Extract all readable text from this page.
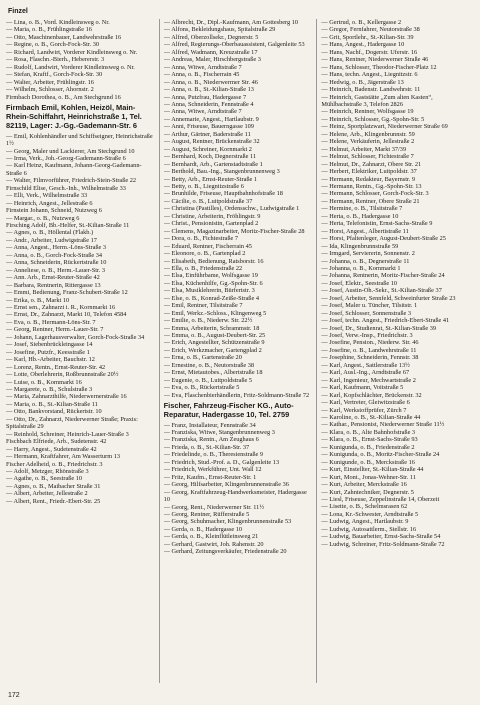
Finzel

— Lina, o. B., Vord. Kindleinsweg o. Nr.

— Maria, o. B., Frühlingstraße 16

— Otto, Maschinenbauer, Landwehrstraße 16

— Regine, o. B., Gorch-Fock-Str. 30

— Richard, Landwirt, Vorderer Kindleinsweg o. Nr.

— Rosa, Flaschn.-Bierh., Hebererstr. 3

— Rudolf, Landwirt, Vorderer Kindleinsweg o. Nr.

— Stefan, Kraftf., Gorch-Fock-Str. 30

— Walter, Arbeiter, Frühlingstr. 16

— Wilhelm, Schlosser, Ahornstr. 2

Firmbach Dorothea, o. B., Am Stechgrund 16

Firmbach Emil, Kohlen, Heizöl, Main-Rhein-Schiffahrt, Heinrichstraße 1, Tel. 82119, Lager: J.-Gg.-Gademann-Str. 6

— Emil, Kohlenhändler und Schiffseigner, Heinrichstraße 1½

— Georg, Maler und Lackierer, Am Stechgrund 10

— Irma, Verk., Joh.-Georg-Gademann-Straße 6

— Karl Heinz, Kaufmann, Johann-Georg-Gademann-Straße 6

— Walter, Filmvorführer, Friedrich-Stein-Straße 22

Firnschild Elise, Gesch.-Inh., Wilhelmstraße 33

— Elli, Verk., Wilhelmstraße 33

— Heinrich, Angest., Jellestraße 6

Firnstein Johann, Schneid, Nutzweg 6

— Margar., o. B., Nutzweg 6

Firsching Adolf, Bb.-Helfer, St.-Kilian-Straße 11

— Agnes, o. B., Höllental (Flakb.)

— Andr., Arbeiter, Ludwigstraße 17

— Anna, Angest., Herm.-Löns-Straße 3

— Anna, o. B., Gorch-Fock-Straße 34

— Anna, Schneiderin, Rückertstraße 10

— Anneliese, o. B., Herm.-Lauer-Str. 3

— Ann. Arb., Ernst-Reuter-Straße 42

— Barbara, Rentnerin, Rittergasse 13

— Emmi, Bedienung, Franz-Schubert-Straße 12

— Erika, o. B., Markt 10

— Ernst sen., Zahnarzt i. R., Kornmarkt 16

— Ernst, Dr., Zahnarzt, Markt 10, Telefon 4584

— Eva, o. B., Hermann-Löns-Str. 7

— Georg, Rentner, Herm.-Lauer-Str. 7

— Johann, Lagerhausverwalter, Gorch-Fock-Straße 34

— Josef, Siebenbrückleingasse 14

— Josefine, Putzfr., Keesstraße 1

— Karl, Hb.-Arbeiter, Bauchstr. 12

— Lorenz, Rentn., Ernst-Reuter-Str. 42

— Lotte, Oberlehrerin, Roßbrunnstraße 20½

— Luise, o. B., Kornmarkt 16

— Margarete, o. B., Schulstraße 3

— Maria, Zahnarzthilfe, Niederwernerstraße 16

— Maria, o. B., St.-Kilian-Straße 11

— Otto, Bankvorstand, Rückertstr. 10

— Otto, Dr., Zahnarzt, Niederwerner Straße; Praxis: Spitalstraße 29

— Reinhold, Schreiner, Heinrich-Lauer-Straße 3

Fischbach Elfriede, Arb., Sudetenstr. 42

— Harry, Angest., Sudetenstraße 42

— Hermann, Kraftfahrer, Am Wasserturm 13

Fischer Adelheid, o. B., Friedrichstr. 3

— Adolf, Metzger, Rhönstraße 3

— Agathe, o. B., Seestraße 10

— Agnes, o. B., Maibacher Straße 31

— Albert, Arbeiter, Jellestraße 2

— Albert, Rent., Friedr.-Ebert-Str. 25

— Albrecht, Dr., Dipl.-Kaufmann, Am Gottesberg 10

— Alfons, Bekleidungshaus, Spitalstraße 29

— Alfred, Oberzollsekr., Degnerstr. 5

— Alfred, Regierungs-Oberbauassistent, Galgenleite 53

— Alfred, Wadmann, Kreuzstraße 17

— Andreas, Maler, Hirschbergstraße 3

— Anna, Witwe, Arndtstraße 7

— Anna, o. B., Fischerrain 45

— Anna, o. B., Niederwerrner Str. 46

— Anna, o. B., St.-Kilian-Straße 13

— Anna, Putzfrau, Hadergasse 7

— Anna, Schneiderin, Fennstraße 4

— Anna, Witwe, Arndtstraße 7

— Annemarie, Angest., Hartlaubstr. 9

— Anni, Friseuse, Bauerngasse 109

— Arthur, Gärtner, Baderstraße 11

— August, Rentner, Brückenstraße 32

— August, Schreiner, Kornmarkt 2

— Bernhard, Koch, Degnerstraße 11

— Bernhardt, Arb., Gartenstadtstraße 1

— Berthold, Bau.-Ing., Stangenbrunnenweg 3

— Betty, Arb., Ernst-Reuter-Straße 1

— Betty, o. B., Liegnitzstraße 6

— Brunhilde, Friseuse, Hauptbahnhofstraße 18

— Cäcilie, o. B., Luitpoldstraße 37

— Christina (Pastilles), Ordensschw., Ludwigstraße 1

— Christine, Arbeiterin, Fröhlingstr. 9

— Christ., Pensionistin, Gartenplad 2

— Clemens, Magazinarbeiter, Moritz-Fischer-Straße 28

— Dora, o. B., Fichtestraße 7

— Eduard, Rentner, Fischerrain 45

— Eleonore, o. B., Gartenplad 2

— Elisabeth, Bedienung, Ratsborstr. 16

— Ella, o. B., Friedenstraße 22

— Elsa, Einführbame, Wolfsgasse 19

— Elsa, Küchenhilfe, Gg.-Spohn-Str. 6

— Elsa, Musiklehrerin, Bürfertstr. 3

— Else, o. B., Konrad-Zeiße-Straße 4

— Emil, Rentner, Tilsitstraße 7

— Emil, Werkz.-Schloss., Klingenweg 5

— Emilie, o. B., Niederw. Str. 22½

— Emma, Arbeiterin, Schrammstr. 18

— Emma, o. B., August-Deubert-Str. 25

— Erich, Angestellter, Schützenstraße 9

— Erich, Werkzmacher, Gartengplad 2

— Erna, o. B., Gartenstraße 20

— Ernestine, o. B., Neutorstraße 38

— Ernst, Mietautobes., Albertstraße 18

— Eugenie, o. B., Luitpoldstraße 5

— Eva, o. B., Rückertstraße 5

— Eva, Flaschenbierhändlerin, Fritz-Soldmann-Straße 72

Fischer, Fahrzeug-Fischer KG., Auto-Reparatur, Hadergasse 10, Tel. 2759

— Franz, Installateur, Fennstraße 34

— Franziska, Witwe, Stangenbrunnenweg 3

— Franziska, Rentn., Am Zeughaus 6

— Frieda, o. B., St.-Kilian-Str. 37

— Friedelinde, o. B., Theresienstraße 9

— Friedrich, Stud.-Prof. a. D., Galgenleite 13

— Friedrich, Werkführer, Unt. Wall 12

— Fritz, Kaufm., Ernst-Reuter-Str. 1

— Georg, Hilfsarbeiter, Klingenbrunnenstraße 36

— Georg, Kraftfahrzeug-Handwerksmeister, Hadergasse 10

— Georg, Rent., Niederwerner Str. 11½

— Georg, Rentner, Rüfferstraße 5

— Georg, Schuhmacher, Klingenbrunnenstraße 53

— Gerda, o. B., Hadergasse 10

— Gerda, o. B., Kleinflütleinsweg 21

— Gerhard, Gastwirt, Joh. Rahenstr. 20

— Gerhard, Zeitungsverkäufer, Friedenstraße 20

— Gertrud, o. B., Kellergasse 2

— Gregor, Fernfahrer, Neutorstraße 38

— Grit, Sportlehr., St.-Kilian-Str. 39

— Hans, Angest., Hadergasse 10

— Hans, Nachf., Dogerstr. Uferstr. 16

— Hans, Rentner, Niederwerner Straße 46

— Hans, Schlosser, Theodor-Fischer-Platz 12

— Hans, techn. Angest., Liegnitzstr. 6

— Hedwig, o. B., Jägerstraße 13

— Heinrich, Badenstr. Landwehrstr. 11

— Heinrich, Gaststätte „Zum alten Kasten“, Mühlbachstraße 3, Telefon 2826

— Heinrich, Rentner, Wolfsgasse 19

— Heinrich, Schlosser, Gg.-Spohn-Str. 5

— Heinz, Sportplatzwart, Niederwerner Straße 69

— Helene, Arb., Klingenbrunnstr. 59

— Helene, Verkäuferin, Jellestraße 2

— Helmut, Arbeiter, Markt 37/39

— Helmut, Schlosser, Fichtestraße 7

— Helmut, Dr., Zahnarzt, Obere Str. 21

— Herbert, Elektriker, Luitpoldstr. 37

— Hermann, Redakteur, Bayernstr. 9

— Hermann, Rentn., Gg.-Spohn-Str. 13

— Hermann, Schlosser, Gorch-Fock-Str. 3

— Hermann, Rentner, Obere Straße 21

— Hermine, o. B., Tilsitstraße 7

— Herta, o. B., Hadergasse 10

— Herta, Telefonistin, Ernst-Sachs-Straße 9

— Horst, Angest., Albertistraße 11

— Horst, Pfaltenleger, August-Deubert-Straße 25

— Ida, Klingenbrunnstraße 59

— Irmgard, Serviererin, Sonnenstr. 2

— Johanna, o. B., Degnerstraße 11

— Johanna, o. B., Kornmarkt 1

— Johanna, Rentnerin, Moritz-Fischer-Straße 24

— Josef, Elektr., Seestraße 10

— Josef, Austin-Oh.-Sekr., St.-Kilian-Straße 37

— Josef, Arbeiter, Sennfeld, Schweinfurter Straße 23

— Josef, Maler u. Tüncher, Tilsitstr. 1

— Josef, Schlosser, Sonnenstraße 3

— Josef, techn. Angest., Friedrich-Ebert-Straße 41

— Josef, Dr., Studienrat, St.-Kilian-Straße 39

— Josef, Verw.-Insp., Friedrichstr. 3

— Josefine, Pension., Niederw. Str. 46

— Josefine, o. B., Landwehrstraße 11

— Josephine, Schneiderin, Fennstr. 38

— Karl, Angest., Sattlerstraße 13½

— Karl, Ausl.-Ing., Arndtstraße 67

— Karl, Ingenieur, Mechwartstraße 2

— Karl, Kaufmann, Voitstraße 5

— Karl, Kopfschlächter, Brückenstr. 32

— Karl, Vertreter, Gleiwitzstraße 6

— Karl, Werkstoffprüfer, Zürch 7

— Karoline, o. B., St.-Kilian-Straße 44

— Kathar., Pensionist, Niederwerner Straße 11½

— Klara, o. B., Alte Bahnhofstraße 3

— Klara, o. B., Ernst-Sachs-Straße 93

— Kunigunda, o. B., Friedenstraße 2

— Kunigunda, o. B., Moritz-Fischer-Straße 24

— Kunigunde, o. B., Merckstraße 16

— Kurt, Einstellter, St.-Kilian-Straße 44

— Kurt, Mont., Jonas-Wehner-Str. 11

— Kurt, Arbeiter, Merckstraße 16

— Kurt, Zahntechniker, Degnerstr. 5

— Liesl, Friseuse, Zeppelinstraße 14, Oberzeit

— Lisette, o. B., Schelmsrasen 62

— Lona, Kr.-Schwester, Arndtstraße 5

— Ludwig, Angest., Hartlaubstr. 9

— Ludwig, Autosattlerm., Stellstr. 16

— Ludwig, Bauarbeiter, Ernst-Sachs-Straße 54

— Ludwig, Schreiner, Fritz-Soldmann-Straße 72

172
